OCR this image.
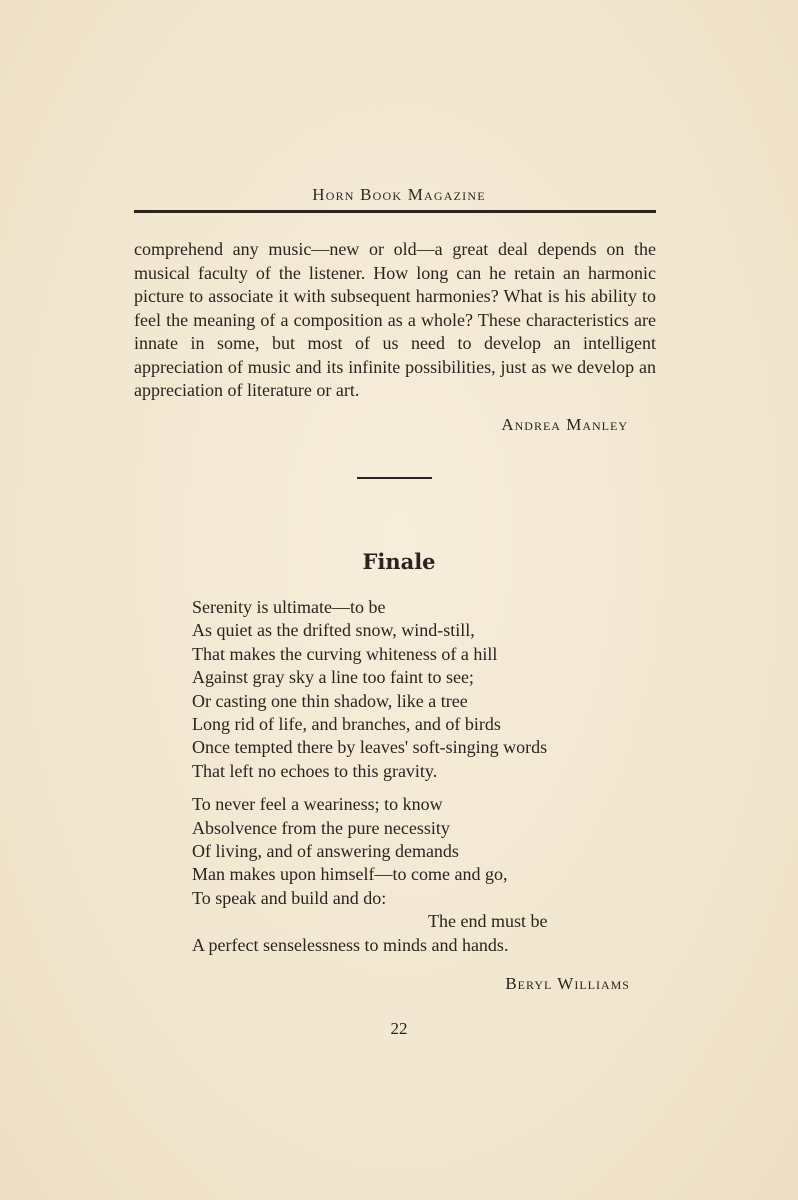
Horn Book Magazine

comprehend any music—new or old—a great deal depends on the musical faculty of the listener. How long can he retain an harmonic picture to associate it with subsequent harmonies? What is his ability to feel the meaning of a composition as a whole? These characteristics are innate in some, but most of us need to develop an intelligent appreciation of music and its infinite possibilities, just as we develop an appreciation of literature or art.

Andrea Manley
Finale
Serenity is ultimate—to be
As quiet as the drifted snow, wind-still,
That makes the curving whiteness of a hill
Against gray sky a line too faint to see;
Or casting one thin shadow, like a tree
Long rid of life, and branches, and of birds
Once tempted there by leaves' soft-singing words
That left no echoes to this gravity.
To never feel a weariness; to know
Absolvence from the pure necessity
Of living, and of answering demands
Man makes upon himself—to come and go,
To speak and build and do:
The end must be
A perfect senselessness to minds and hands.
Beryl Williams
22
